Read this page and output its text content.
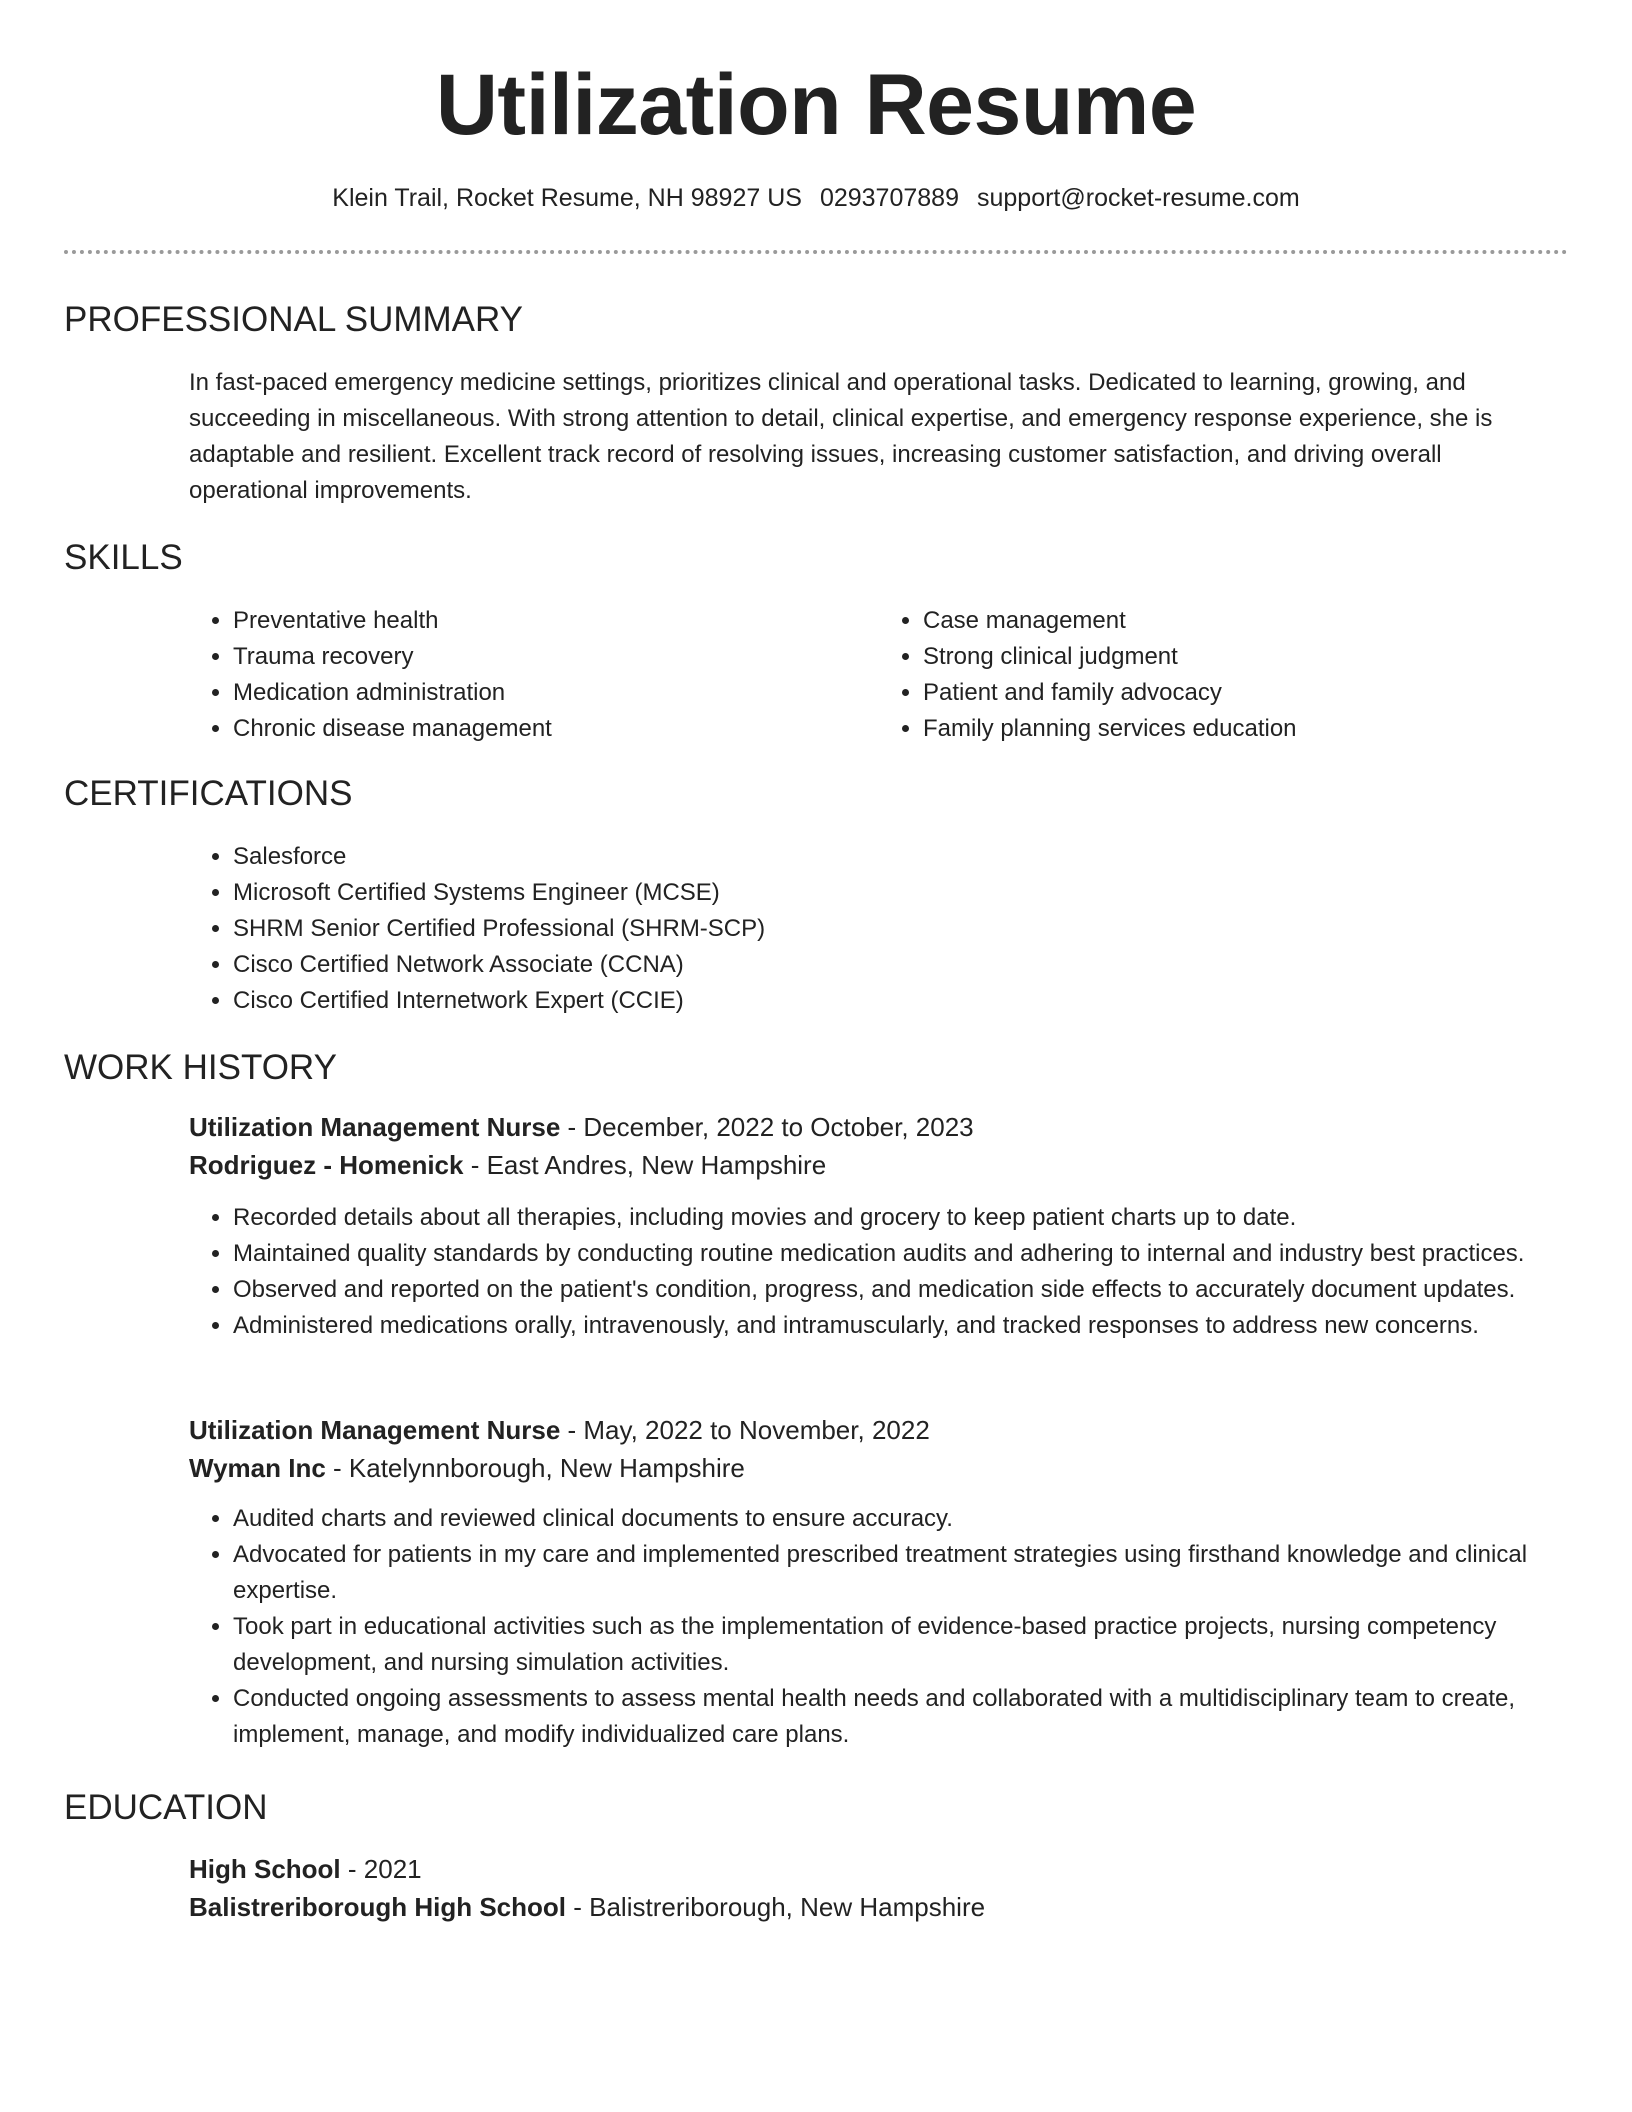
Utilization Resume
Klein Trail, Rocket Resume, NH 98927 US 0293707889 support@rocket-resume.com
PROFESSIONAL SUMMARY

In fast-paced emergency medicine settings, prioritizes clinical and operational tasks. Dedicated to learning, growing, and succeeding in miscellaneous. With strong attention to detail, clinical expertise, and emergency response experience, she is adaptable and resilient. Excellent track record of resolving issues, increasing customer satisfaction, and driving overall operational improvements.

SKILLS
• Preventative health
• Trauma recovery
• Medication administration
• Chronic disease management
• Case management
• Strong clinical judgment
• Patient and family advocacy
• Family planning services education
CERTIFICATIONS
• Salesforce
• Microsoft Certified Systems Engineer (MCSE)
• SHRM Senior Certified Professional (SHRM-SCP)
• Cisco Certified Network Associate (CCNA)
• Cisco Certified Internetwork Expert (CCIE)
WORK HISTORY

Utilization Management Nurse - December, 2022 to October, 2023

Rodriguez - Homenick - East Andres, New Hampshire

• Recorded details about all therapies, including movies and grocery to keep patient charts up to date.
• Maintained quality standards by conducting routine medication audits and adhering to internal and industry best practices.
• Observed and reported on the patient's condition, progress, and medication side effects to accurately document updates.
• Administered medications orally, intravenously, and intramuscularly, and tracked responses to address new concerns.

Utilization Management Nurse - May, 2022 to November, 2022

Wyman Inc - Katelynnborough, New Hampshire

• Audited charts and reviewed clinical documents to ensure accuracy.
• Advocated for patients in my care and implemented prescribed treatment strategies using firsthand knowledge and clinical expertise.
• Took part in educational activities such as the implementation of evidence-based practice projects, nursing competency development, and nursing simulation activities.
• Conducted ongoing assessments to assess mental health needs and collaborated with a multidisciplinary team to create, implement, manage, and modify individualized care plans.
EDUCATION

High School - 2021

Balistreriborough High School - Balistreriborough, New Hampshire
